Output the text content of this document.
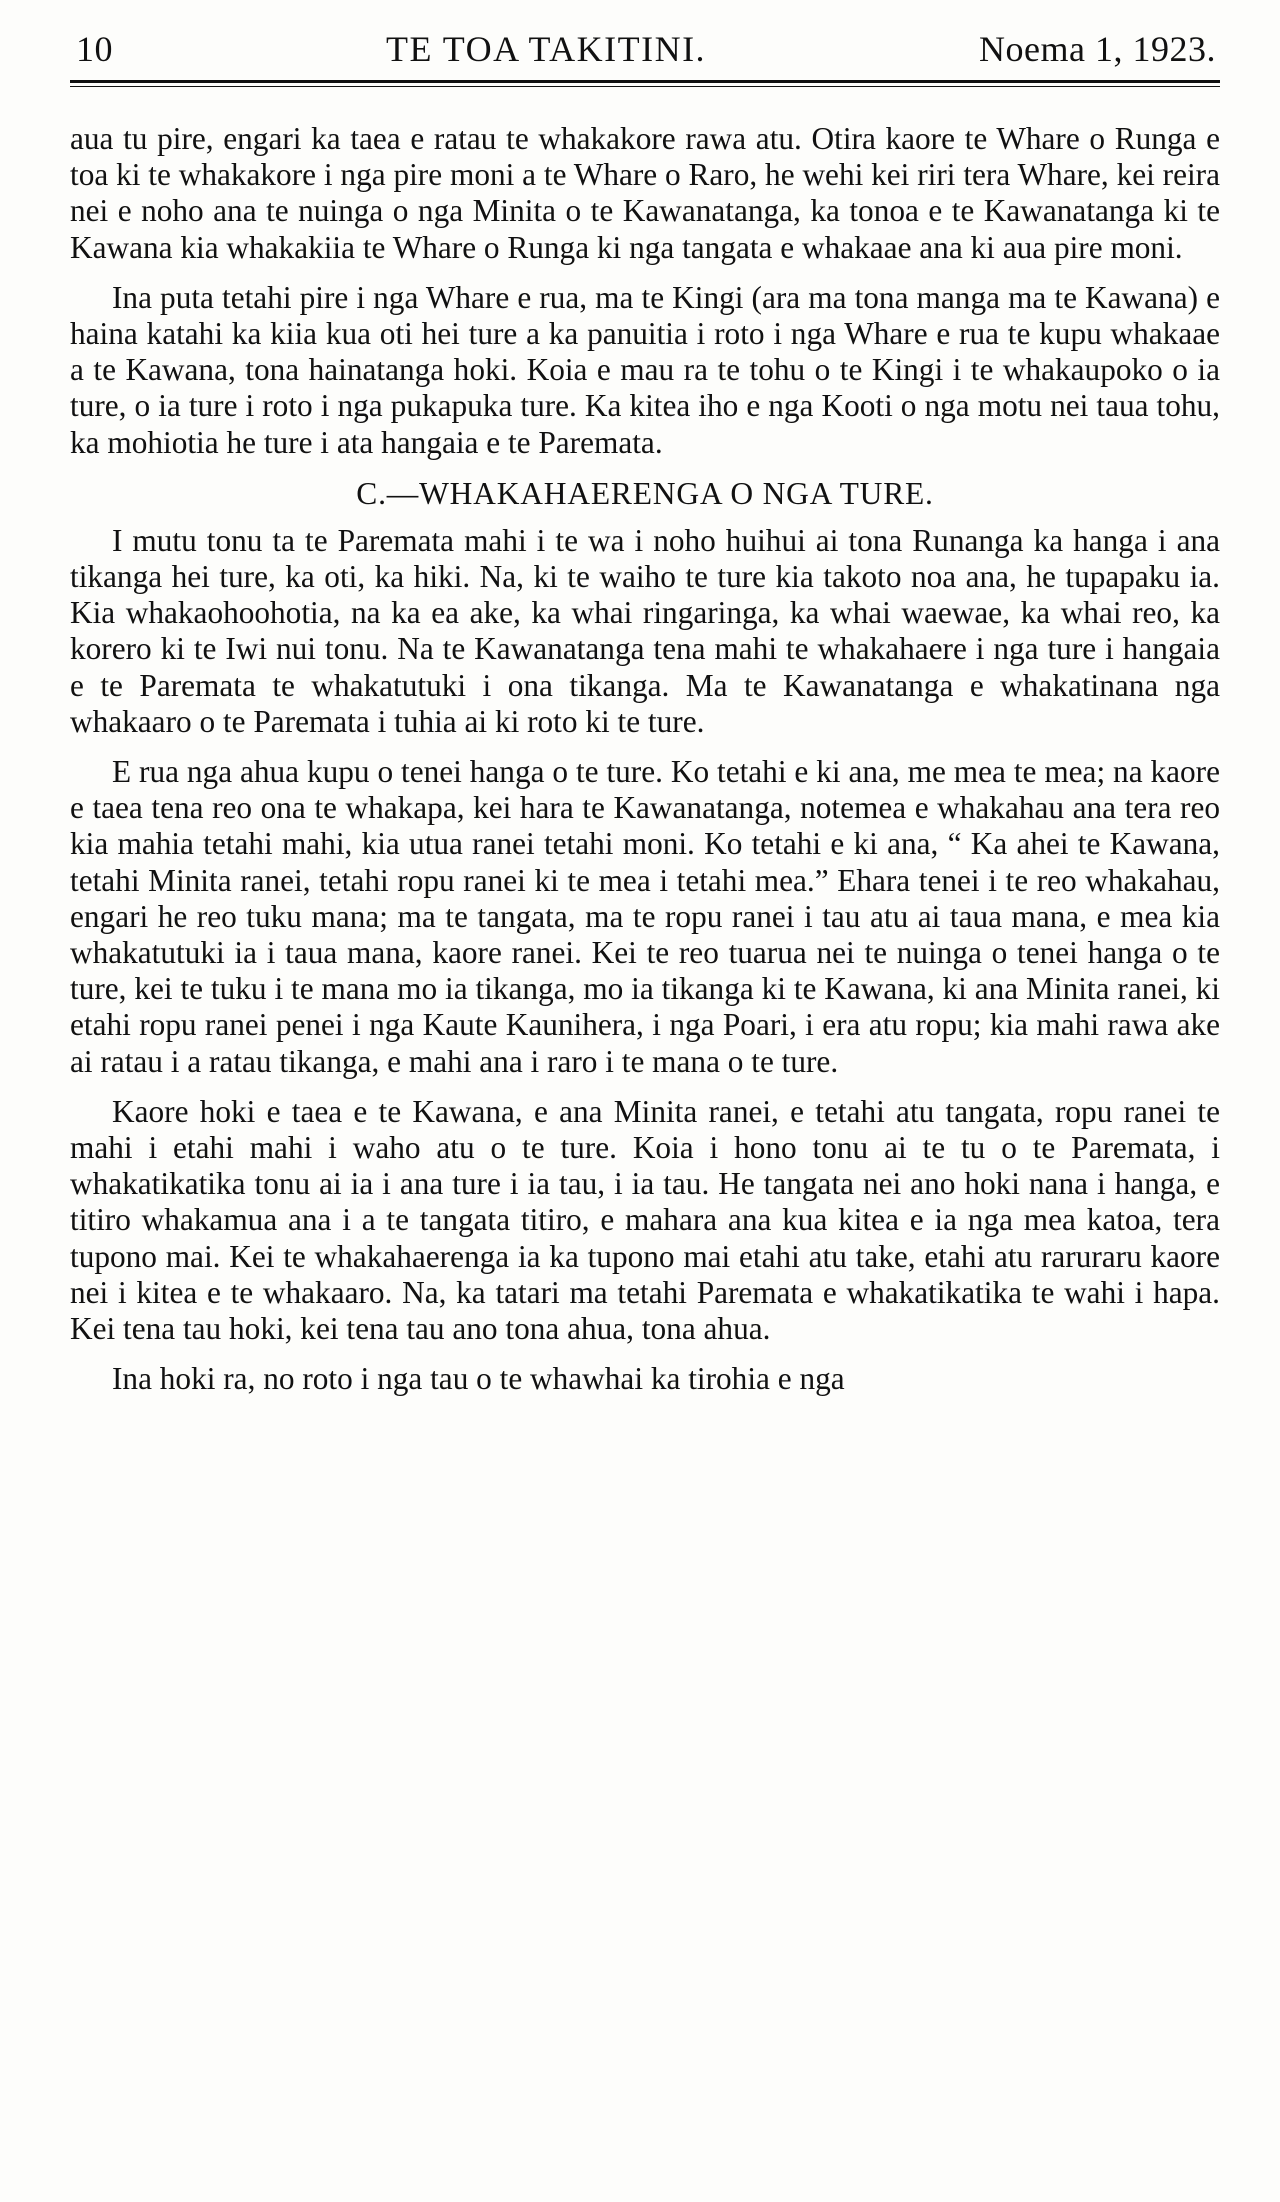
10	TE TOA TAKITINI.	Noema 1, 1923.

aua tu pire, engari ka taea e ratau te whakakore rawa atu. Otira kaore te Whare o Runga e toa ki te whakakore i nga pire moni a te Whare o Raro, he wehi kei riri tera Whare, kei reira nei e noho ana te nuinga o nga Minita o te Kawanatanga, ka tonoa e te Kawanatanga ki te Kawana kia whakakiia te Whare o Runga ki nga tangata e whakaae ana ki aua pire moni.

Ina puta tetahi pire i nga Whare e rua, ma te Kingi (ara ma tona manga ma te Kawana) e haina katahi ka kiia kua oti hei ture a ka panuitia i roto i nga Whare e rua te kupu whakaae a te Kawana, tona hainatanga hoki. Koia e mau ra te tohu o te Kingi i te whakaupoko o ia ture, o ia ture i roto i nga pukapuka ture. Ka kitea iho e nga Kooti o nga motu nei taua tohu, ka mohiotia he ture i ata hangaia e te Paremata.

C.—WHAKAHAERENGA O NGA TURE.

I mutu tonu ta te Paremata mahi i te wa i noho huihui ai tona Runanga ka hanga i ana tikanga hei ture, ka oti, ka hiki. Na, ki te waiho te ture kia takoto noa ana, he tupapaku ia. Kia whakaohoohotia, na ka ea ake, ka whai ringaringa, ka whai waewae, ka whai reo, ka korero ki te Iwi nui tonu. Na te Kawanatanga tena mahi te whakahaere i nga ture i hangaia e te Paremata te whakatutuki i ona tikanga. Ma te Kawanatanga e whakatinana nga whakaaro o te Paremata i tuhia ai ki roto ki te ture.

E rua nga ahua kupu o tenei hanga o te ture. Ko tetahi e ki ana, me mea te mea; na kaore e taea tena reo ona te whakapa, kei hara te Kawanatanga, notemea e whakahau ana tera reo kia mahia tetahi mahi, kia utua ranei tetahi moni. Ko tetahi e ki ana, “ Ka ahei te Kawana, tetahi Minita ranei, tetahi ropu ranei ki te mea i tetahi mea.” Ehara tenei i te reo whakahau, engari he reo tuku mana; ma te tangata, ma te ropu ranei i tau atu ai taua mana, e mea kia whakatutuki ia i taua mana, kaore ranei. Kei te reo tuarua nei te nuinga o tenei hanga o te ture, kei te tuku i te mana mo ia tikanga, mo ia tikanga ki te Kawana, ki ana Minita ranei, ki etahi ropu ranei penei i nga Kaute Kaunihera, i nga Poari, i era atu ropu; kia mahi rawa ake ai ratau i a ratau tikanga, e mahi ana i raro i te mana o te ture.

Kaore hoki e taea e te Kawana, e ana Minita ranei, e tetahi atu tangata, ropu ranei te mahi i etahi mahi i waho atu o te ture. Koia i hono tonu ai te tu o te Paremata, i whakatikatika tonu ai ia i ana ture i ia tau, i ia tau. He tangata nei ano hoki nana i hanga, e titiro whakamua ana i a te tangata titiro, e mahara ana kua kitea e ia nga mea katoa, tera tupono mai. Kei te whakahaerenga ia ka tupono mai etahi atu take, etahi atu raruraru kaore nei i kitea e te whakaaro. Na, ka tatari ma tetahi Paremata e whakatikatika te wahi i hapa. Kei tena tau hoki, kei tena tau ano tona ahua, tona ahua.

Ina hoki ra, no roto i nga tau o te whawhai ka tirohia e nga
